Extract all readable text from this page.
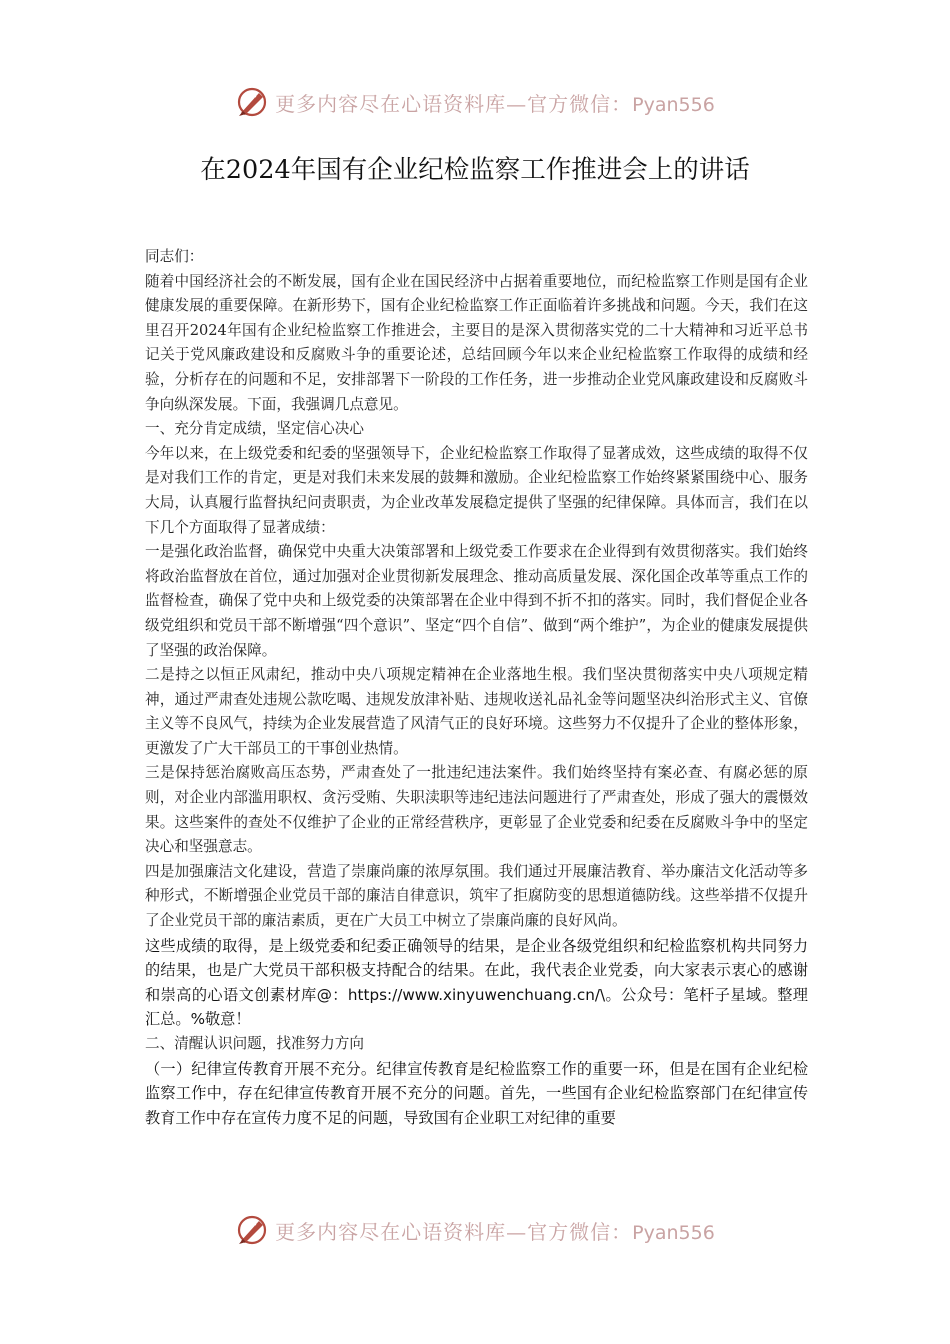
更多内容尽在心语资料库—官方微信：Pyan556
在2024年国有企业纪检监察工作推进会上的讲话

同志们：

随着中国经济社会的不断发展，国有企业在国民经济中占据着重要地位，而纪检监察工作则是国有企业健康发展的重要保障。在新形势下，国有企业纪检监察工作正面临着许多挑战和问题。今天，我们在这里召开2024年国有企业纪检监察工作推进会，主要目的是深入贯彻落实党的二十大精神和习近平总书记关于党风廉政建设和反腐败斗争的重要论述，总结回顾今年以来企业纪检监察工作取得的成绩和经验，分析存在的问题和不足，安排部署下一阶段的工作任务，进一步推动企业党风廉政建设和反腐败斗争向纵深发展。下面，我强调几点意见。

一、充分肯定成绩，坚定信心决心

今年以来，在上级党委和纪委的坚强领导下，企业纪检监察工作取得了显著成效，这些成绩的取得不仅是对我们工作的肯定，更是对我们未来发展的鼓舞和激励。企业纪检监察工作始终紧紧围绕中心、服务大局，认真履行监督执纪问责职责，为企业改革发展稳定提供了坚强的纪律保障。具体而言，我们在以下几个方面取得了显著成绩：

一是强化政治监督，确保党中央重大决策部署和上级党委工作要求在企业得到有效贯彻落实。我们始终将政治监督放在首位，通过加强对企业贯彻新发展理念、推动高质量发展、深化国企改革等重点工作的监督检查，确保了党中央和上级党委的决策部署在企业中得到不折不扣的落实。同时，我们督促企业各级党组织和党员干部不断增强“四个意识”、坚定“四个自信”、做到“两个维护”，为企业的健康发展提供了坚强的政治保障。

二是持之以恒正风肃纪，推动中央八项规定精神在企业落地生根。我们坚决贯彻落实中央八项规定精神，通过严肃查处违规公款吃喝、违规发放津补贴、违规收送礼品礼金等问题坚决纠治形式主义、官僚主义等不良风气，持续为企业发展营造了风清气正的良好环境。这些努力不仅提升了企业的整体形象，更激发了广大干部员工的干事创业热情。

三是保持惩治腐败高压态势，严肃查处了一批违纪违法案件。我们始终坚持有案必查、有腐必惩的原则，对企业内部滥用职权、贪污受贿、失职渎职等违纪违法问题进行了严肃查处，形成了强大的震慑效果。这些案件的查处不仅维护了企业的正常经营秩序，更彰显了企业党委和纪委在反腐败斗争中的坚定决心和坚强意志。

四是加强廉洁文化建设，营造了崇廉尚廉的浓厚氛围。我们通过开展廉洁教育、举办廉洁文化活动等多种形式，不断增强企业党员干部的廉洁自律意识，筑牢了拒腐防变的思想道德防线。这些举措不仅提升了企业党员干部的廉洁素质，更在广大员工中树立了崇廉尚廉的良好风尚。

这些成绩的取得，是上级党委和纪委正确领导的结果，是企业各级党组织和纪检监察机构共同努力的结果，也是广大党员干部积极支持配合的结果。在此，我代表企业党委，向大家表示衷心的感谢和崇高的心语文创素材库@：https://www.xinyuwenchuang.cn/\。公众号：笔杆子星域。整理汇总。%敬意！

二、清醒认识问题，找准努力方向

（一）纪律宣传教育开展不充分。纪律宣传教育是纪检监察工作的重要一环，但是在国有企业纪检监察工作中，存在纪律宣传教育开展不充分的问题。首先，一些国有企业纪检监察部门在纪律宣传教育工作中存在宣传力度不足的问题，导致国有企业职工对纪律的重要

更多内容尽在心语资料库—官方微信：Pyan556
